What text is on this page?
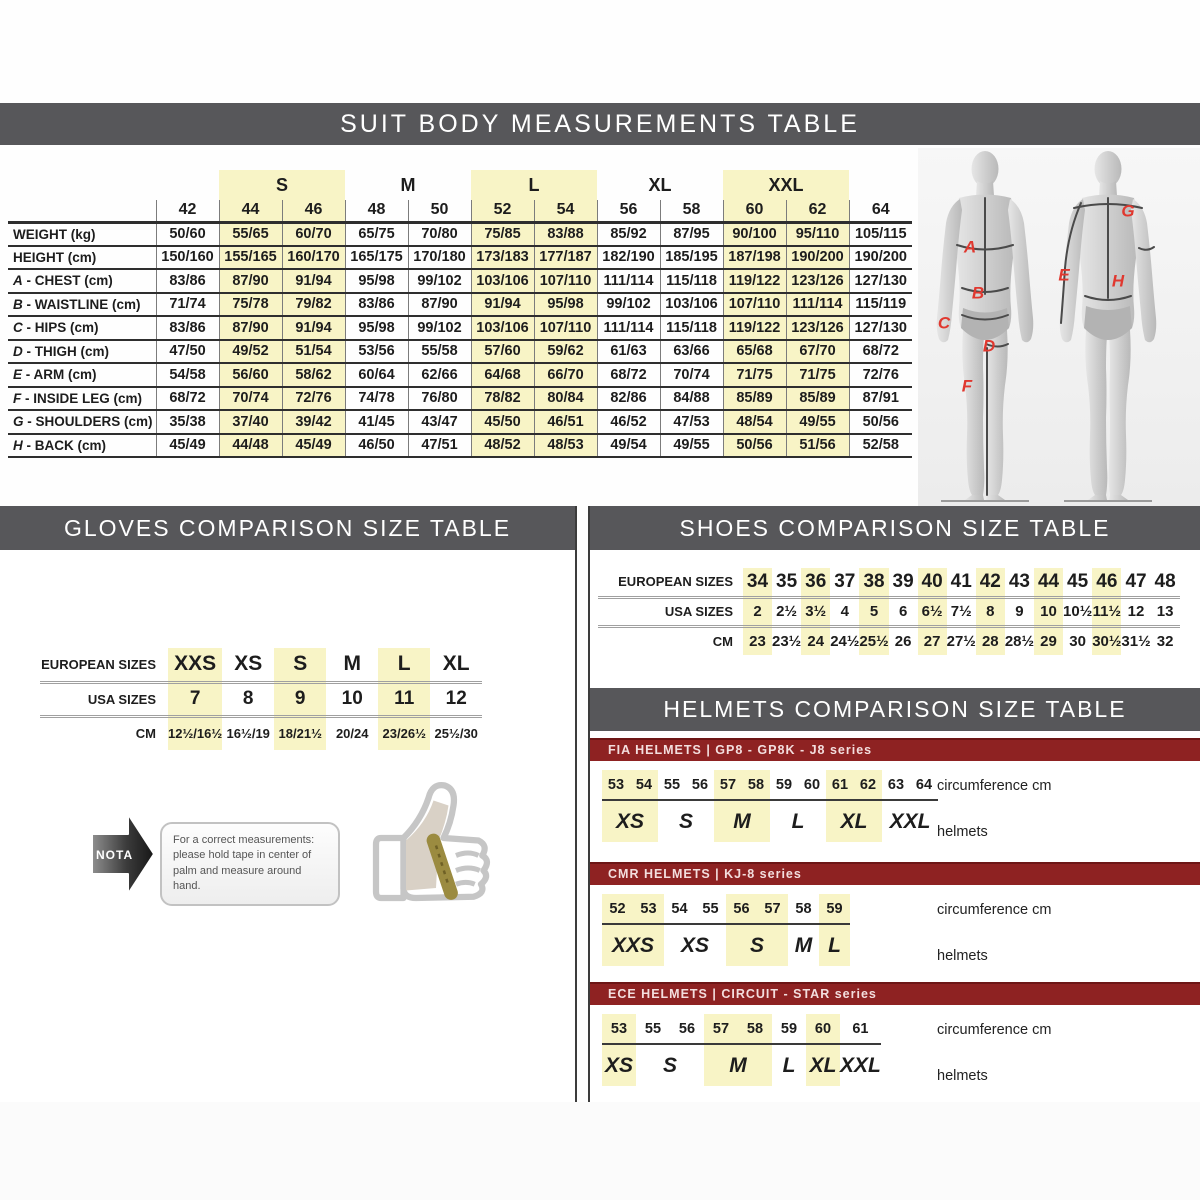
SUIT BODY MEASUREMENTS TABLE
		S		M		L		XL		XXL		
	42	44	46	48	50	52	54	56	58	60	62	64
WEIGHT (kg)	50/60	55/65	60/70	65/75	70/80	75/85	83/88	85/92	87/95	90/100	95/110	105/115
HEIGHT (cm)	150/160	155/165	160/170	165/175	170/180	173/183	177/187	182/190	185/195	187/198	190/200	190/200
A - CHEST (cm)	83/86	87/90	91/94	95/98	99/102	103/106	107/110	111/114	115/118	119/122	123/126	127/130
B - WAISTLINE (cm)	71/74	75/78	79/82	83/86	87/90	91/94	95/98	99/102	103/106	107/110	111/114	115/119
C - HIPS (cm)	83/86	87/90	91/94	95/98	99/102	103/106	107/110	111/114	115/118	119/122	123/126	127/130
D - THIGH (cm)	47/50	49/52	51/54	53/56	55/58	57/60	59/62	61/63	63/66	65/68	67/70	68/72
E - ARM (cm)	54/58	56/60	58/62	60/64	62/66	64/68	66/70	68/72	70/74	71/75	71/75	72/76
F - INSIDE LEG (cm)	68/72	70/74	72/76	74/78	76/80	78/82	80/84	82/86	84/88	85/89	85/89	87/91
G - SHOULDERS (cm)	35/38	37/40	39/42	41/45	43/47	45/50	46/51	46/52	47/53	48/54	49/55	50/56
H - BACK (cm)	45/49	44/48	45/49	46/50	47/51	48/52	48/53	49/54	49/55	50/56	51/56	52/58
A
B
C
D
F
G
E H
GLOVES COMPARISON SIZE TABLE
EUROPEAN SIZES	XXS	XS	S	M	L	XL
USA SIZES	7	8	9	10	11	12
CM	12½/16½	16½/19	18/21½	20/24	23/26½	25½/30
NOTA
For a correct measurements: please hold tape in center of palm and measure around hand.
SHOES COMPARISON SIZE TABLE
EUROPEAN SIZES	34	35	36	37	38	39	40	41	42	43	44	45	46	47	48
USA SIZES	2	2½	3½	4	5	6	6½	7½	8	9	10	10½	11½	12	13
CM	23	23½	24	24½	25½	26	27	27½	28	28½	29	30	30½	31½	32
HELMETS COMPARISON SIZE TABLE
FIA HELMETS | GP8 - GP8K - J8 series
53	54	55	56	57	58	59	60	61	62	63	64
XS		S		M		L		XL		XXL	
circumference cm
helmets
CMR HELMETS | KJ-8 series
52	53	54	55	56	57	58	59
XXS		XS		S		M	L
circumference cm
helmets
ECE HELMETS | CIRCUIT - STAR series
53	55	56	57	58	59	60	61
XS	S		M		L	XL	XXL
circumference cm
helmets
